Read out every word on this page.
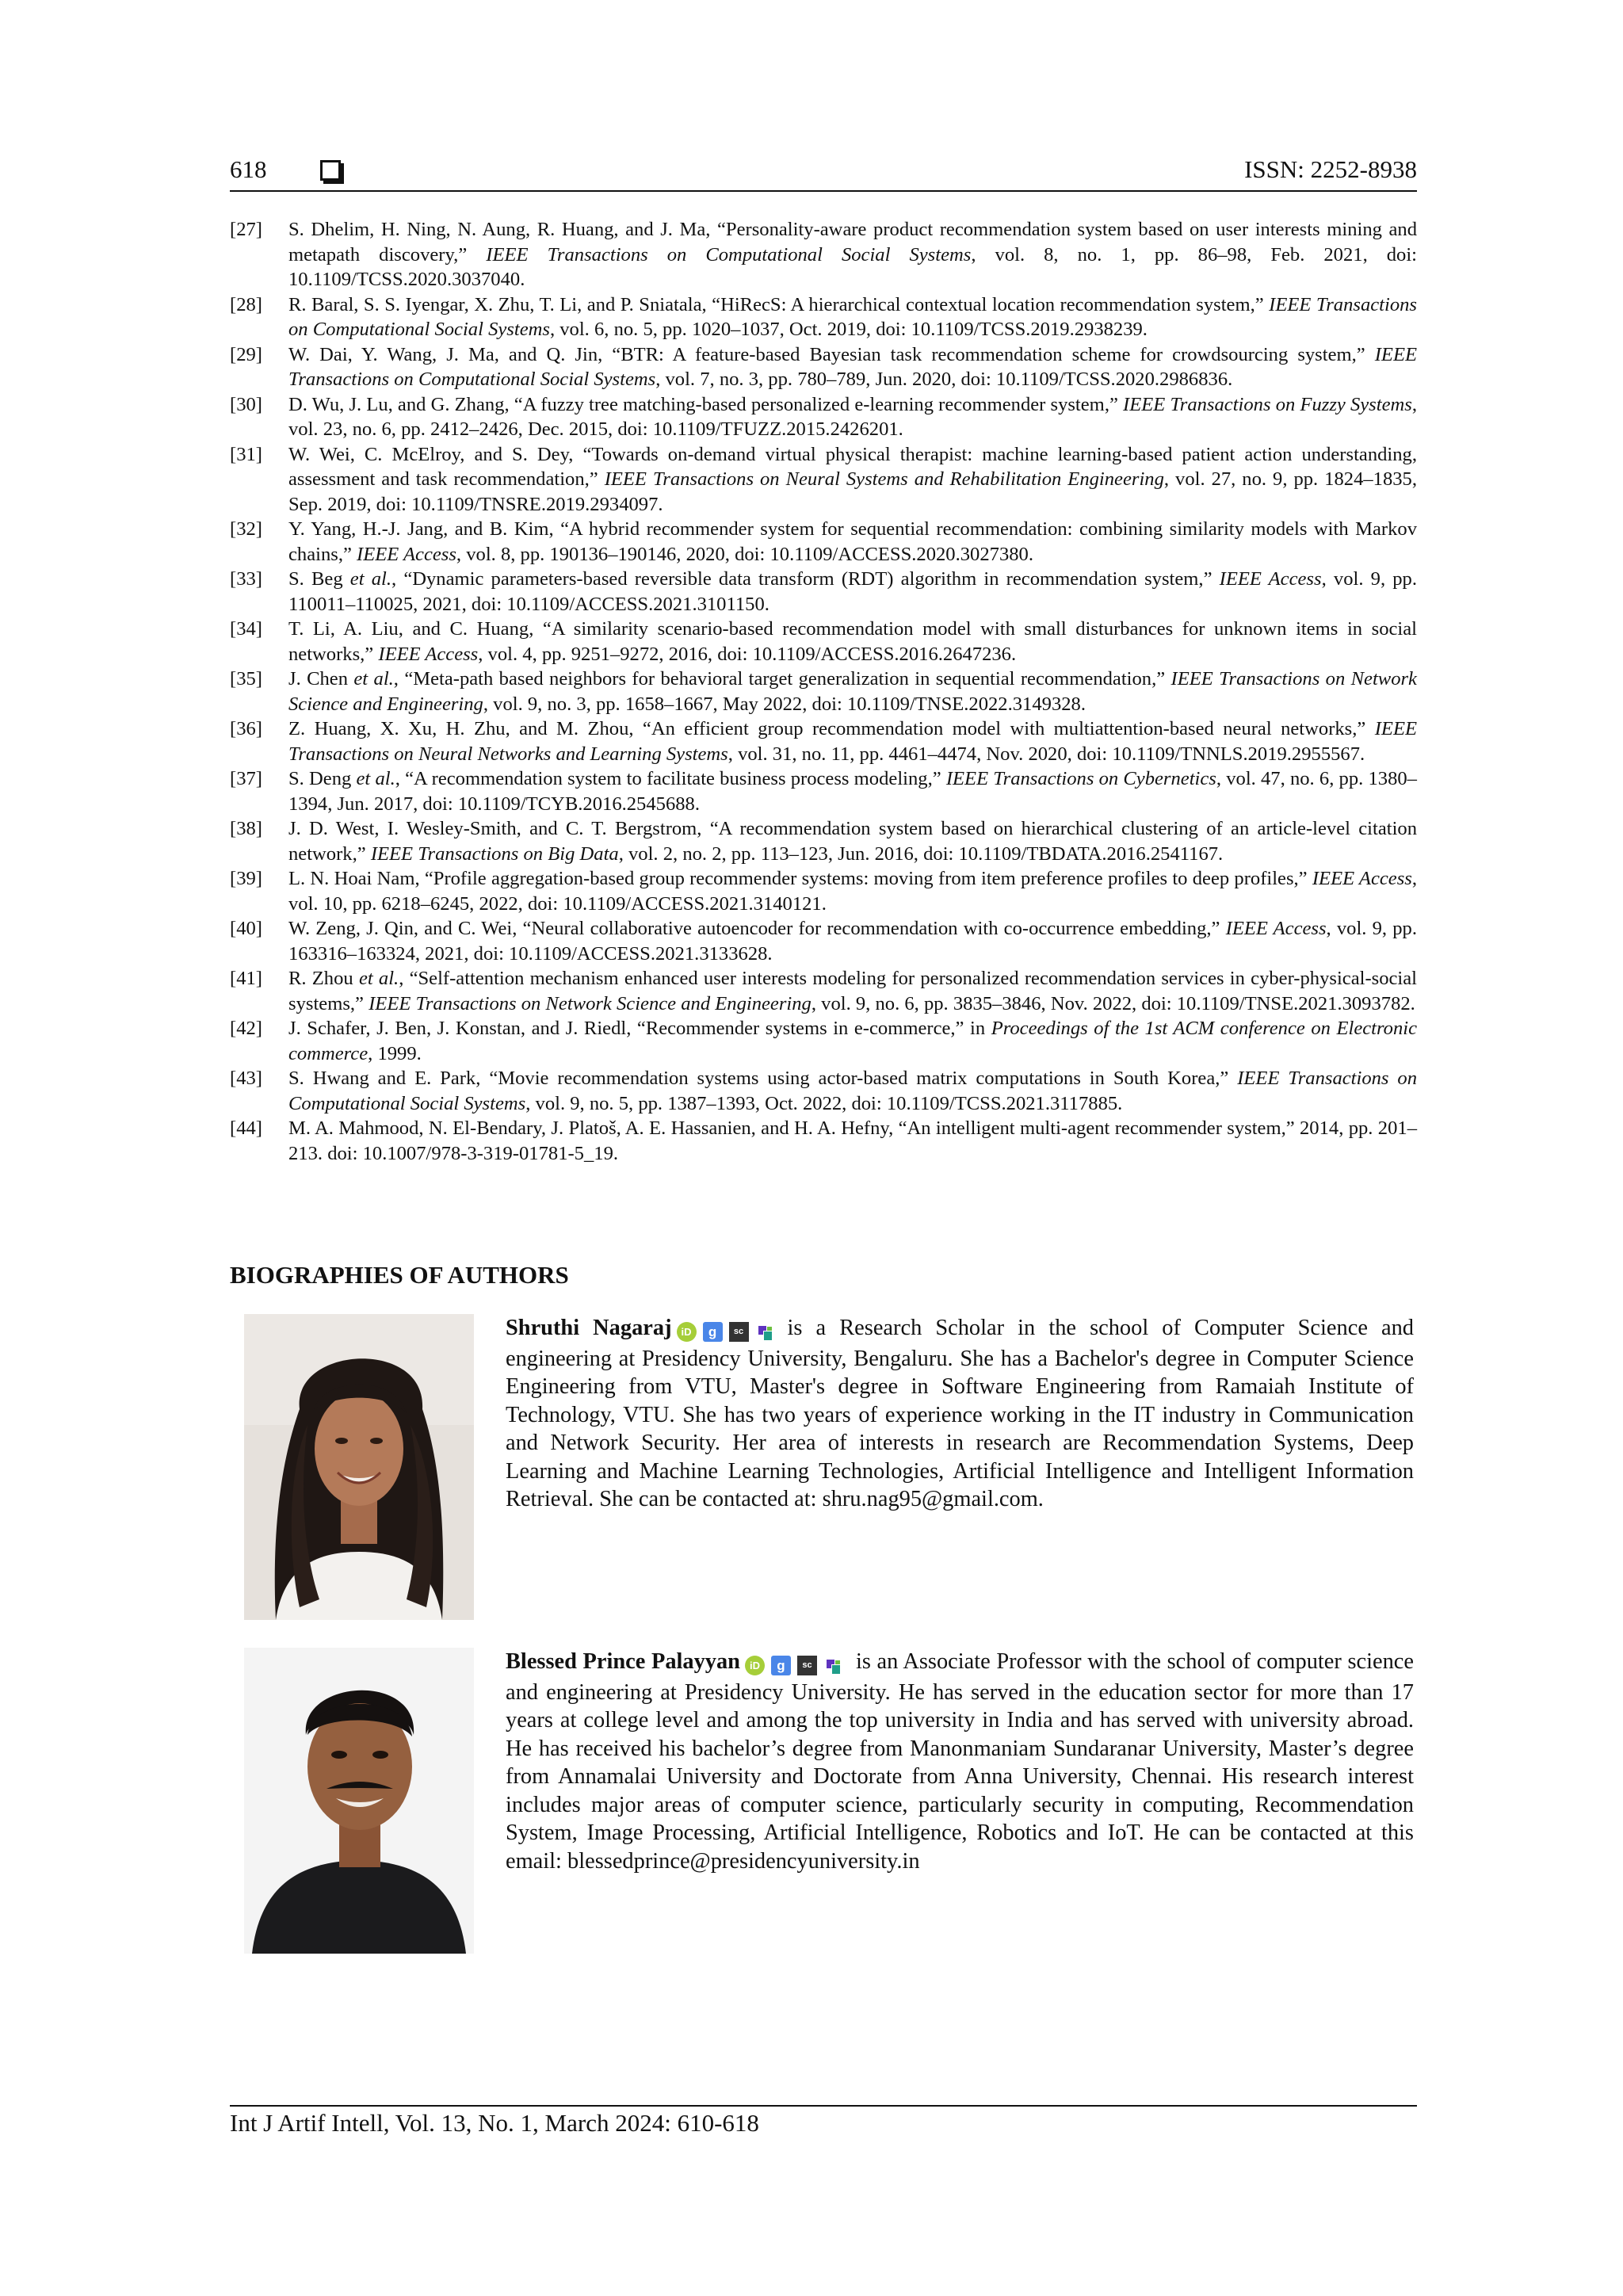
618	ISSN: 2252-8938
[27]	S. Dhelim, H. Ning, N. Aung, R. Huang, and J. Ma, “Personality-aware product recommendation system based on user interests mining and metapath discovery,” IEEE Transactions on Computational Social Systems, vol. 8, no. 1, pp. 86–98, Feb. 2021, doi: 10.1109/TCSS.2020.3037040.
[28]	R. Baral, S. S. Iyengar, X. Zhu, T. Li, and P. Sniatala, “HiRecS: A hierarchical contextual location recommendation system,” IEEE Transactions on Computational Social Systems, vol. 6, no. 5, pp. 1020–1037, Oct. 2019, doi: 10.1109/TCSS.2019.2938239.
[29]	W. Dai, Y. Wang, J. Ma, and Q. Jin, “BTR: A feature-based Bayesian task recommendation scheme for crowdsourcing system,” IEEE Transactions on Computational Social Systems, vol. 7, no. 3, pp. 780–789, Jun. 2020, doi: 10.1109/TCSS.2020.2986836.
[30]	D. Wu, J. Lu, and G. Zhang, “A fuzzy tree matching-based personalized e-learning recommender system,” IEEE Transactions on Fuzzy Systems, vol. 23, no. 6, pp. 2412–2426, Dec. 2015, doi: 10.1109/TFUZZ.2015.2426201.
[31]	W. Wei, C. McElroy, and S. Dey, “Towards on-demand virtual physical therapist: machine learning-based patient action understanding, assessment and task recommendation,” IEEE Transactions on Neural Systems and Rehabilitation Engineering, vol. 27, no. 9, pp. 1824–1835, Sep. 2019, doi: 10.1109/TNSRE.2019.2934097.
[32]	Y. Yang, H.-J. Jang, and B. Kim, “A hybrid recommender system for sequential recommendation: combining similarity models with Markov chains,” IEEE Access, vol. 8, pp. 190136–190146, 2020, doi: 10.1109/ACCESS.2020.3027380.
[33]	S. Beg et al., “Dynamic parameters-based reversible data transform (RDT) algorithm in recommendation system,” IEEE Access, vol. 9, pp. 110011–110025, 2021, doi: 10.1109/ACCESS.2021.3101150.
[34]	T. Li, A. Liu, and C. Huang, “A similarity scenario-based recommendation model with small disturbances for unknown items in social networks,” IEEE Access, vol. 4, pp. 9251–9272, 2016, doi: 10.1109/ACCESS.2016.2647236.
[35]	J. Chen et al., “Meta-path based neighbors for behavioral target generalization in sequential recommendation,” IEEE Transactions on Network Science and Engineering, vol. 9, no. 3, pp. 1658–1667, May 2022, doi: 10.1109/TNSE.2022.3149328.
[36]	Z. Huang, X. Xu, H. Zhu, and M. Zhou, “An efficient group recommendation model with multiattention-based neural networks,” IEEE Transactions on Neural Networks and Learning Systems, vol. 31, no. 11, pp. 4461–4474, Nov. 2020, doi: 10.1109/TNNLS.2019.2955567.
[37]	S. Deng et al., “A recommendation system to facilitate business process modeling,” IEEE Transactions on Cybernetics, vol. 47, no. 6, pp. 1380–1394, Jun. 2017, doi: 10.1109/TCYB.2016.2545688.
[38]	J. D. West, I. Wesley-Smith, and C. T. Bergstrom, “A recommendation system based on hierarchical clustering of an article-level citation network,” IEEE Transactions on Big Data, vol. 2, no. 2, pp. 113–123, Jun. 2016, doi: 10.1109/TBDATA.2016.2541167.
[39]	L. N. Hoai Nam, “Profile aggregation-based group recommender systems: moving from item preference profiles to deep profiles,” IEEE Access, vol. 10, pp. 6218–6245, 2022, doi: 10.1109/ACCESS.2021.3140121.
[40]	W. Zeng, J. Qin, and C. Wei, “Neural collaborative autoencoder for recommendation with co-occurrence embedding,” IEEE Access, vol. 9, pp. 163316–163324, 2021, doi: 10.1109/ACCESS.2021.3133628.
[41]	R. Zhou et al., “Self-attention mechanism enhanced user interests modeling for personalized recommendation services in cyber-physical-social systems,” IEEE Transactions on Network Science and Engineering, vol. 9, no. 6, pp. 3835–3846, Nov. 2022, doi: 10.1109/TNSE.2021.3093782.
[42]	J. Schafer, J. Ben, J. Konstan, and J. Riedl, “Recommender systems in e-commerce,” in Proceedings of the 1st ACM conference on Electronic commerce, 1999.
[43]	S. Hwang and E. Park, “Movie recommendation systems using actor-based matrix computations in South Korea,” IEEE Transactions on Computational Social Systems, vol. 9, no. 5, pp. 1387–1393, Oct. 2022, doi: 10.1109/TCSS.2021.3117885.
[44]	M. A. Mahmood, N. El-Bendary, J. Platoš, A. E. Hassanien, and H. A. Hefny, “An intelligent multi-agent recommender system,” 2014, pp. 201–213. doi: 10.1007/978-3-319-01781-5_19.
BIOGRAPHIES OF AUTHORS
Shruthi Nagaraj iD g sc is a Research Scholar in the school of Computer Science and engineering at Presidency University, Bengaluru. She has a Bachelor's degree in Computer Science Engineering from VTU, Master's degree in Software Engineering from Ramaiah Institute of Technology, VTU. She has two years of experience working in the IT industry in Communication and Network Security. Her area of interests in research are Recommendation Systems, Deep Learning and Machine Learning Technologies, Artificial Intelligence and Intelligent Information Retrieval. She can be contacted at: shru.nag95@gmail.com.
Blessed Prince Palayyan iD g sc is an Associate Professor with the school of computer science and engineering at Presidency University. He has served in the education sector for more than 17 years at college level and among the top university in India and has served with university abroad. He has received his bachelor’s degree from Manonmaniam Sundaranar University, Master’s degree from Annamalai University and Doctorate from Anna University, Chennai. His research interest includes major areas of computer science, particularly security in computing, Recommendation System, Image Processing, Artificial Intelligence, Robotics and IoT. He can be contacted at this email: blessedprince@presidencyuniversity.in
Int J Artif Intell, Vol. 13, No. 1, March 2024: 610-618
